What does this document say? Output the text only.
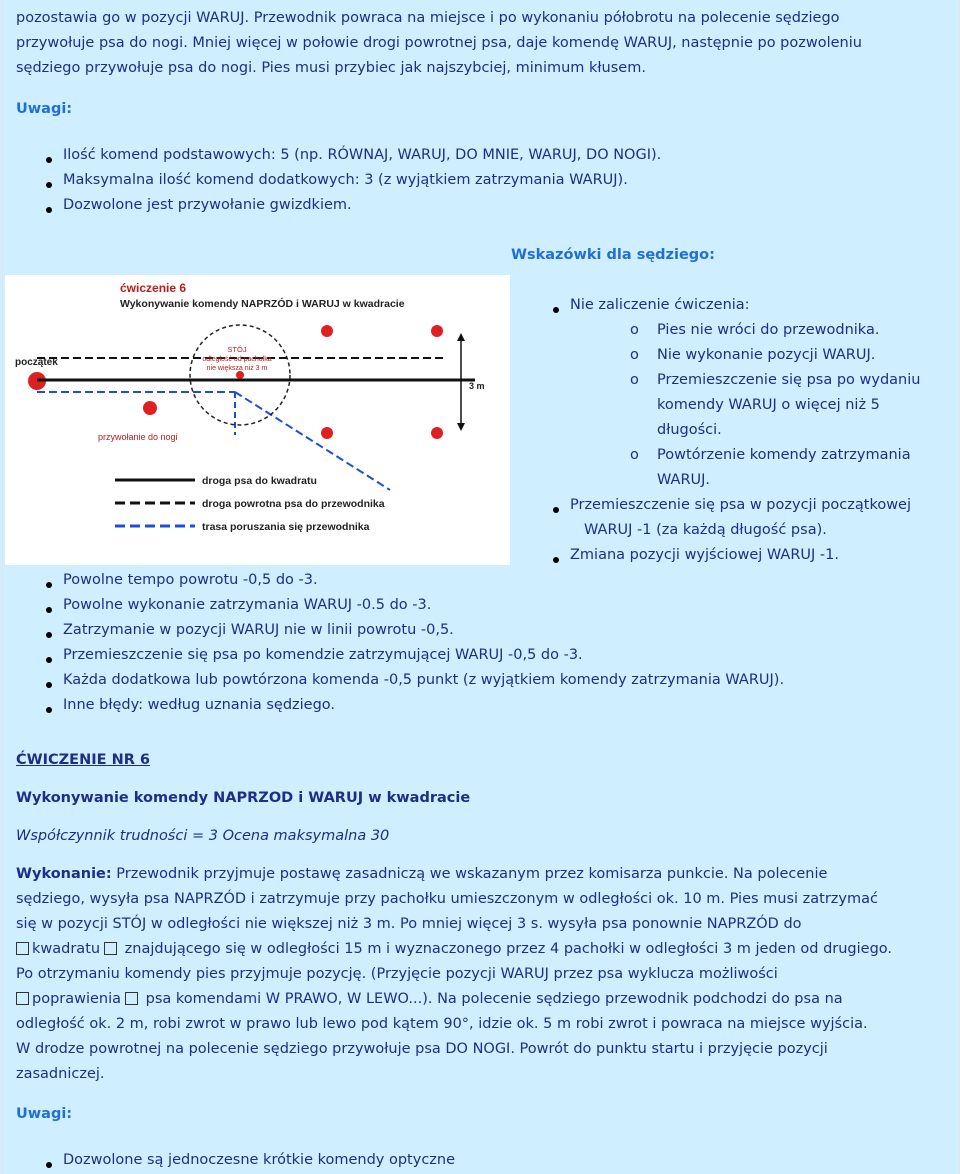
pozostawia go w pozycji WARUJ. Przewodnik powraca na miejsce i po wykonaniu półobrotu na polecenie sędziego
przywołuje psa do nogi. Mniej więcej w połowie drogi powrotnej psa, daje komendę WARUJ, następnie po pozwoleniu
sędziego przywołuje psa do nogi. Pies musi przybiec jak najszybciej, minimum kłusem.
Uwagi:
Ilość komend podstawowych: 5 (np. RÓWNAJ, WARUJ, DO MNIE, WARUJ, DO NOGI).
Maksymalna ilość komend dodatkowych: 3 (z wyjątkiem zatrzymania WARUJ).
Dozwolone jest przywołanie gwizdkiem.
Wskazówki dla sędziego:
ćwiczenie 6
Wykonywanie komendy NAPRZÓD i WARUJ w kwadracie
początek
STÓJ
odległość od pachołka
nie większa niż 3 m
3 m
przywołanie do nogi
droga psa do kwadratu
droga powrotna psa do przewodnika
trasa poruszania się przewodnika
Nie zaliczenie ćwiczenia:
o Pies nie wróci do przewodnika.
o Nie wykonanie pozycji WARUJ.
o Przemieszczenie się psa po wydaniu
komendy WARUJ o więcej niż 5
długości.
o Powtórzenie komendy zatrzymania
WARUJ.
Przemieszczenie się psa w pozycji początkowej
WARUJ -1 (za każdą długość psa).
Zmiana pozycji wyjściowej WARUJ -1.
Powolne tempo powrotu -0,5 do -3.
Powolne wykonanie zatrzymania WARUJ -0.5 do -3.
Zatrzymanie w pozycji WARUJ nie w linii powrotu -0,5.
Przemieszczenie się psa po komendzie zatrzymującej WARUJ -0,5 do -3.
Każda dodatkowa lub powtórzona komenda -0,5 punkt (z wyjątkiem komendy zatrzymania WARUJ).
Inne błędy: według uznania sędziego.
ĆWICZENIE NR 6
Wykonywanie komendy NAPRZOD i WARUJ w kwadracie
Współczynnik trudności = 3 Ocena maksymalna 30
Wykonanie: Przewodnik przyjmuje postawę zasadniczą we wskazanym przez komisarza punkcie. Na polecenie
sędziego, wysyła psa NAPRZÓD i zatrzymuje przy pachołku umieszczonym w odległości ok. 10 m. Pies musi zatrzymać
się w pozycji STÓJ w odległości nie większej niż 3 m. Po mniej więcej 3 s. wysyła psa ponownie NAPRZÓD do
kwadratu znajdującego się w odległości 15 m i wyznaczonego przez 4 pachołki w odległości 3 m jeden od drugiego.
Po otrzymaniu komendy pies przyjmuje pozycję. (Przyjęcie pozycji WARUJ przez psa wyklucza możliwości
poprawienia psa komendami W PRAWO, W LEWO...). Na polecenie sędziego przewodnik podchodzi do psa na
odległość ok. 2 m, robi zwrot w prawo lub lewo pod kątem 90°, idzie ok. 5 m robi zwrot i powraca na miejsce wyjścia.
W drodze powrotnej na polecenie sędziego przywołuje psa DO NOGI. Powrót do punktu startu i przyjęcie pozycji
zasadniczej.
Uwagi:
Dozwolone są jednoczesne krótkie komendy optyczne
